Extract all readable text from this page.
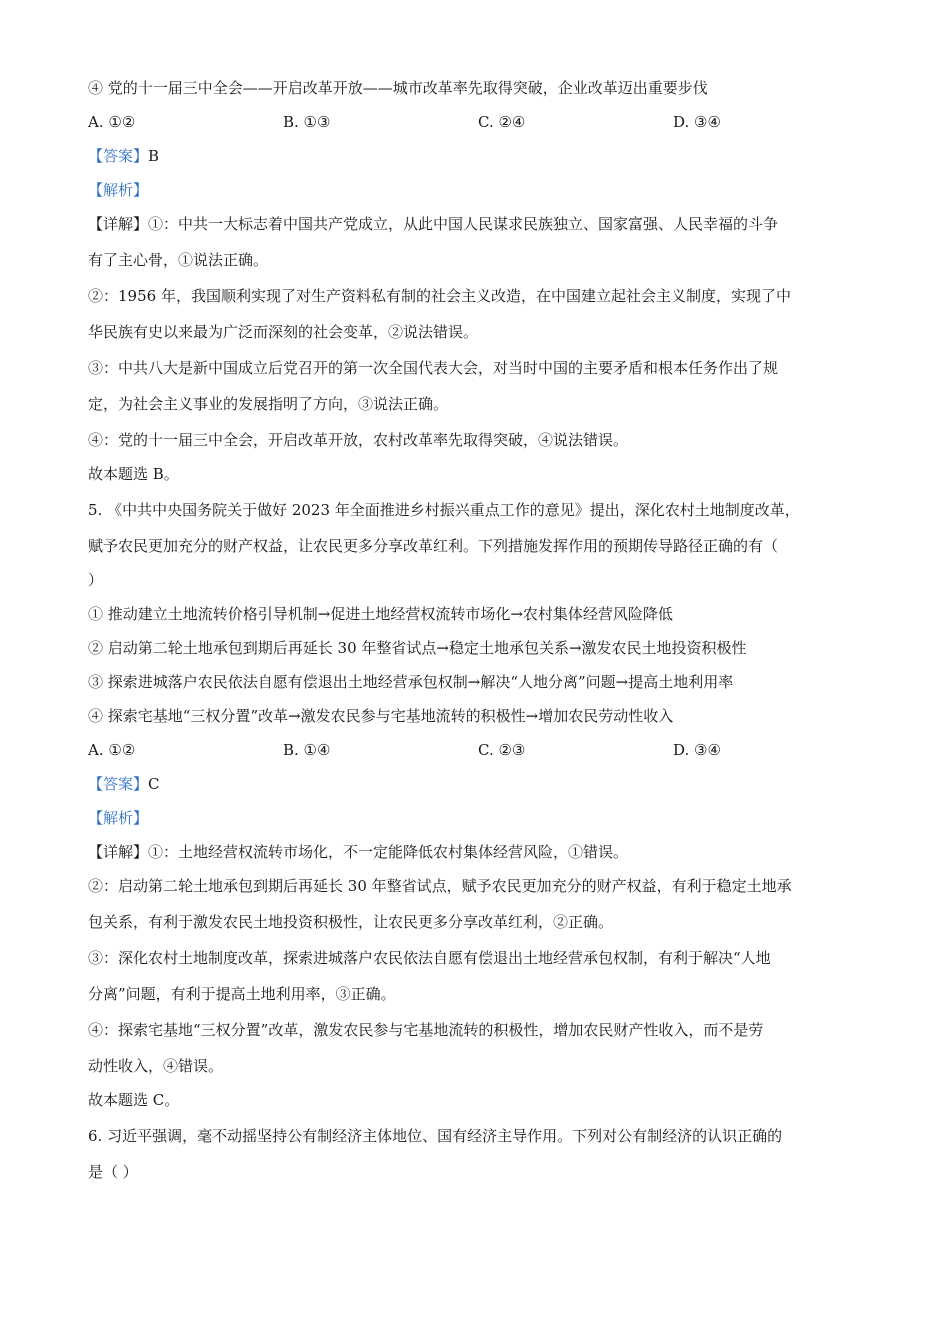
④ 党的十一届三中全会——开启改革开放——城市改革率先取得突破，企业改革迈出重要步伐
A. ①②	B. ①③	C. ②④	D. ③④
【答案】B
【解析】
【详解】①：中共一大标志着中国共产党成立，从此中国人民谋求民族独立、国家富强、人民幸福的斗争
有了主心骨，①说法正确。
②：1956 年，我国顺利实现了对生产资料私有制的社会主义改造，在中国建立起社会主义制度，实现了中
华民族有史以来最为广泛而深刻的社会变革，②说法错误。
③：中共八大是新中国成立后党召开的第一次全国代表大会，对当时中国的主要矛盾和根本任务作出了规
定，为社会主义事业的发展指明了方向，③说法正确。
④：党的十一届三中全会，开启改革开放，农村改革率先取得突破，④说法错误。
故本题选 B。
5. 《中共中央国务院关于做好 2023 年全面推进乡村振兴重点工作的意见》提出，深化农村土地制度改革，
赋予农民更加充分的财产权益，让农民更多分享改革红利。下列措施发挥作用的预期传导路径正确的有（
）
① 推动建立土地流转价格引导机制→促进土地经营权流转市场化→农村集体经营风险降低
② 启动第二轮土地承包到期后再延长 30 年整省试点→稳定土地承包关系→激发农民土地投资积极性
③ 探索进城落户农民依法自愿有偿退出土地经营承包权制→解决“人地分离”问题→提高土地利用率
④ 探索宅基地“三权分置”改革→激发农民参与宅基地流转的积极性→增加农民劳动性收入
A. ①②	B. ①④	C. ②③	D. ③④
【答案】C
【解析】
【详解】①：土地经营权流转市场化，不一定能降低农村集体经营风险，①错误。
②：启动第二轮土地承包到期后再延长 30 年整省试点，赋予农民更加充分的财产权益，有利于稳定土地承
包关系，有利于激发农民土地投资积极性，让农民更多分享改革红利，②正确。
③：深化农村土地制度改革，探索进城落户农民依法自愿有偿退出土地经营承包权制，有利于解决“人地
分离”问题，有利于提高土地利用率，③正确。
④：探索宅基地“三权分置”改革，激发农民参与宅基地流转的积极性，增加农民财产性收入，而不是劳
动性收入，④错误。
故本题选 C。
6. 习近平强调，毫不动摇坚持公有制经济主体地位、国有经济主导作用。下列对公有制经济的认识正确的
是（ ）
